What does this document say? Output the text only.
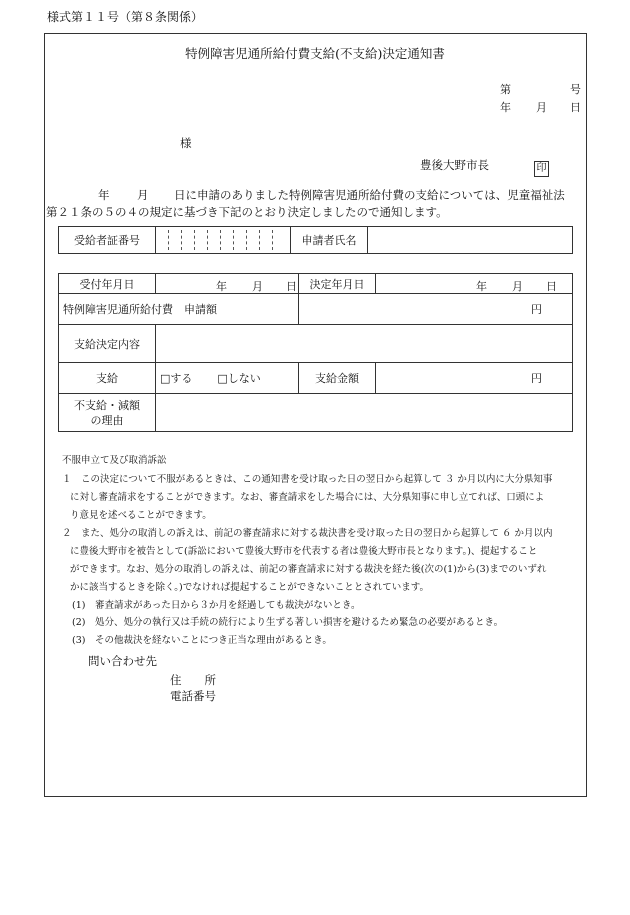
様式第１１号（第８条関係）
特例障害児通所給付費支給(不支給)決定通知書
第	号
年 月 日
様
豊後大野市長	印
年 月 日に申請のありました特例障害児通所給付費の支給については、児童福祉法
第２１条の５の４の規定に基づき下記のとおり決定しましたので通知します。
受給者証番号		申請者氏名	
受付年月日	年 月 日	決定年月日	年 月 日

特例障害児通所給付費　申請額		円	
支給決定内容			
支給	□する □しない	支給金額	円

不支給・減額
の理由			

不服申立て及び取消訴訟
１　この決定について不服があるときは、この通知書を受け取った日の翌日から起算して ３ か月以内に大分県知事
に対し審査請求をすることができます。なお、審査請求をした場合には、大分県知事に申し立てれば、口頭によ
り意見を述べることができます。
２　また、処分の取消しの訴えは、前記の審査請求に対する裁決書を受け取った日の翌日から起算して ６ か月以内
に豊後大野市を被告として(訴訟において豊後大野市を代表する者は豊後大野市長となります。)、提起すること
ができます。なお、処分の取消しの訴えは、前記の審査請求に対する裁決を経た後(次の(1)から(3)までのいずれ
かに該当するときを除く。)でなければ提起することができないこととされています。
(1)　審査請求があった日から３か月を経過しても裁決がないとき。
(2)　処分、処分の執行又は手続の続行により生ずる著しい損害を避けるため緊急の必要があるとき。
(3)　その他裁決を経ないことにつき正当な理由があるとき。
問い合わせ先
住　　所
電話番号
